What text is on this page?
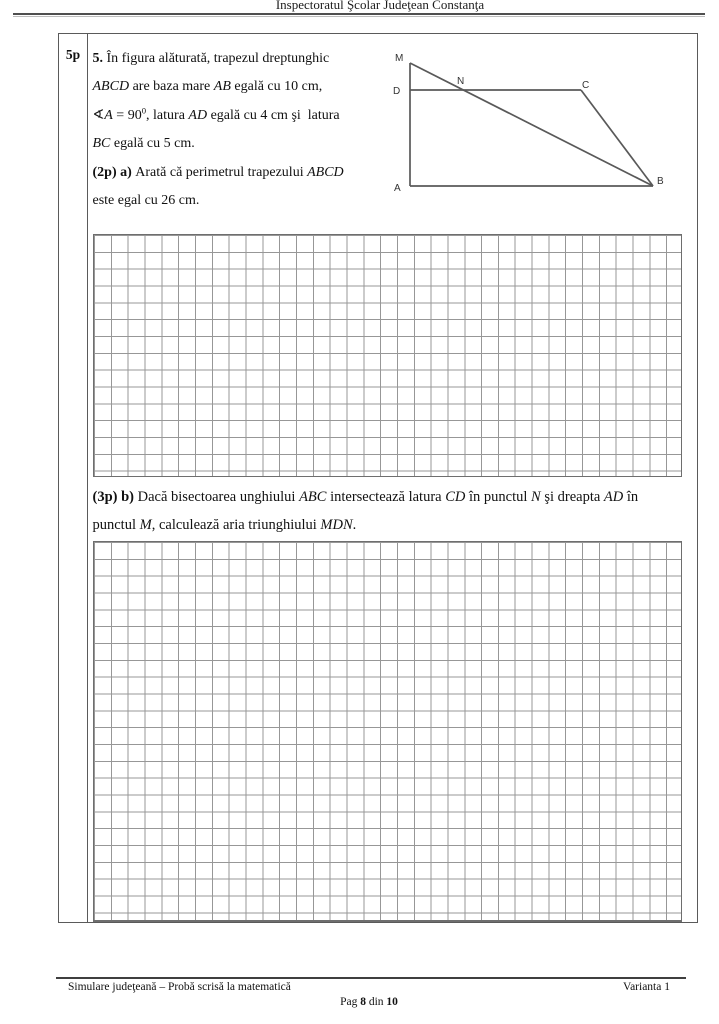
Inspectoratul Şcolar Judeţean Constanţa
5p 5. În figura alăturată, trapezul dreptunghic
ABCD are baza mare AB egală cu 10 cm,
∢A = $90^0$, latura AD egală cu 4 cm şi  latura
BC egală cu 5 cm.
(2p) a) Arată că perimetrul trapezului ABCD
este egal cu 26 cm.
M
N
D
C
A
B
(3p) b) Dacă bisectoarea unghiului ABC intersectează latura CD în punctul N şi dreapta AD în
punctul M, calculează aria triunghiului MDN.
Simulare judeţeană – Probă scrisă la matematică	Varianta 1
Pag 8 din 10
